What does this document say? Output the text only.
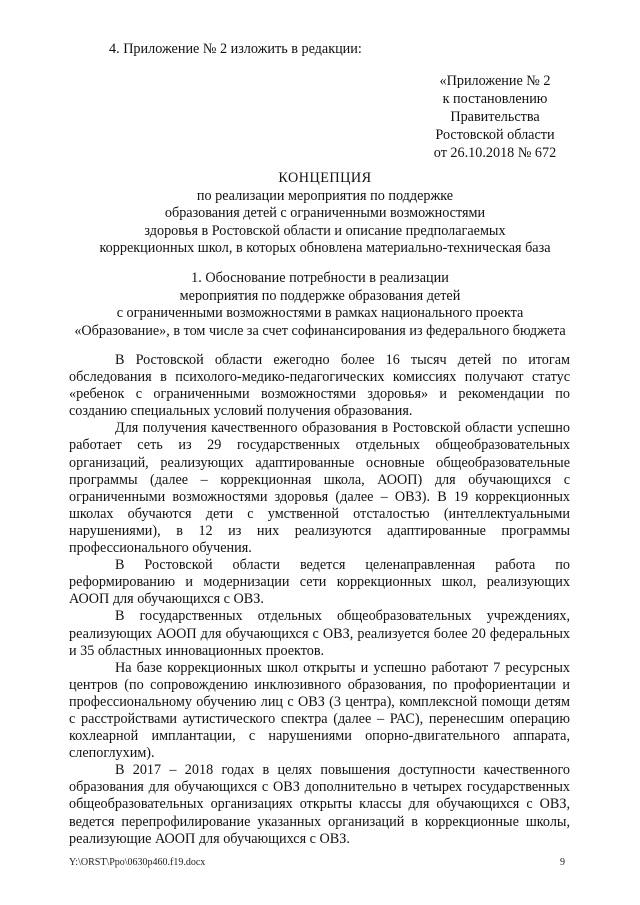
4. Приложение № 2 изложить в редакции:
«Приложение № 2
к постановлению
Правительства
Ростовской области
от 26.10.2018 № 672
КОНЦЕПЦИЯ
по реализации мероприятия по поддержке
образования детей с ограниченными возможностями
здоровья в Ростовской области и описание предполагаемых
коррекционных школ, в которых обновлена материально-техническая база
1. Обоснование потребности в реализации
мероприятия по поддержке образования детей
с ограниченными возможностями в рамках национального проекта
«Образование», в том числе за счет софинансирования из федерального бюджета

В Ростовской области ежегодно более 16 тысяч детей по итогам обследования в психолого-медико-педагогических комиссиях получают статус «ребенок с ограниченными возможностями здоровья» и рекомендации по созданию специальных условий получения образования.

Для получения качественного образования в Ростовской области успешно работает сеть из 29 государственных отдельных общеобразовательных организаций, реализующих адаптированные основные общеобразовательные программы (далее – коррекционная школа, АООП) для обучающихся с ограниченными возможностями здоровья (далее – ОВЗ). В 19 коррекционных школах обучаются дети с умственной отсталостью (интеллектуальными нарушениями), в 12 из них реализуются адаптированные программы профессионального обучения.

В Ростовской области ведется целенаправленная работа по реформированию и модернизации сети коррекционных школ, реализующих АООП для обучающихся с ОВЗ.

В государственных отдельных общеобразовательных учреждениях, реализующих АООП для обучающихся с ОВЗ, реализуется более 20 федеральных и 35 областных инновационных проектов.

На базе коррекционных школ открыты и успешно работают 7 ресурсных центров (по сопровождению инклюзивного образования, по профориентации и профессиональному обучению лиц с ОВЗ (3 центра), комплексной помощи детям с расстройствами аутистического спектра (далее – РАС), перенесшим операцию кохлеарной имплантации, с нарушениями опорно-двигательного аппарата, слепоглухим).

В 2017 – 2018 годах в целях повышения доступности качественного образования для обучающихся с ОВЗ дополнительно в четырех государственных общеобразовательных организациях открыты классы для обучающихся с ОВЗ, ведется перепрофилирование указанных организаций в коррекционные школы, реализующие АООП для обучающихся с ОВЗ.

Y:\ORST\Ppo\0630p460.f19.docx	9
